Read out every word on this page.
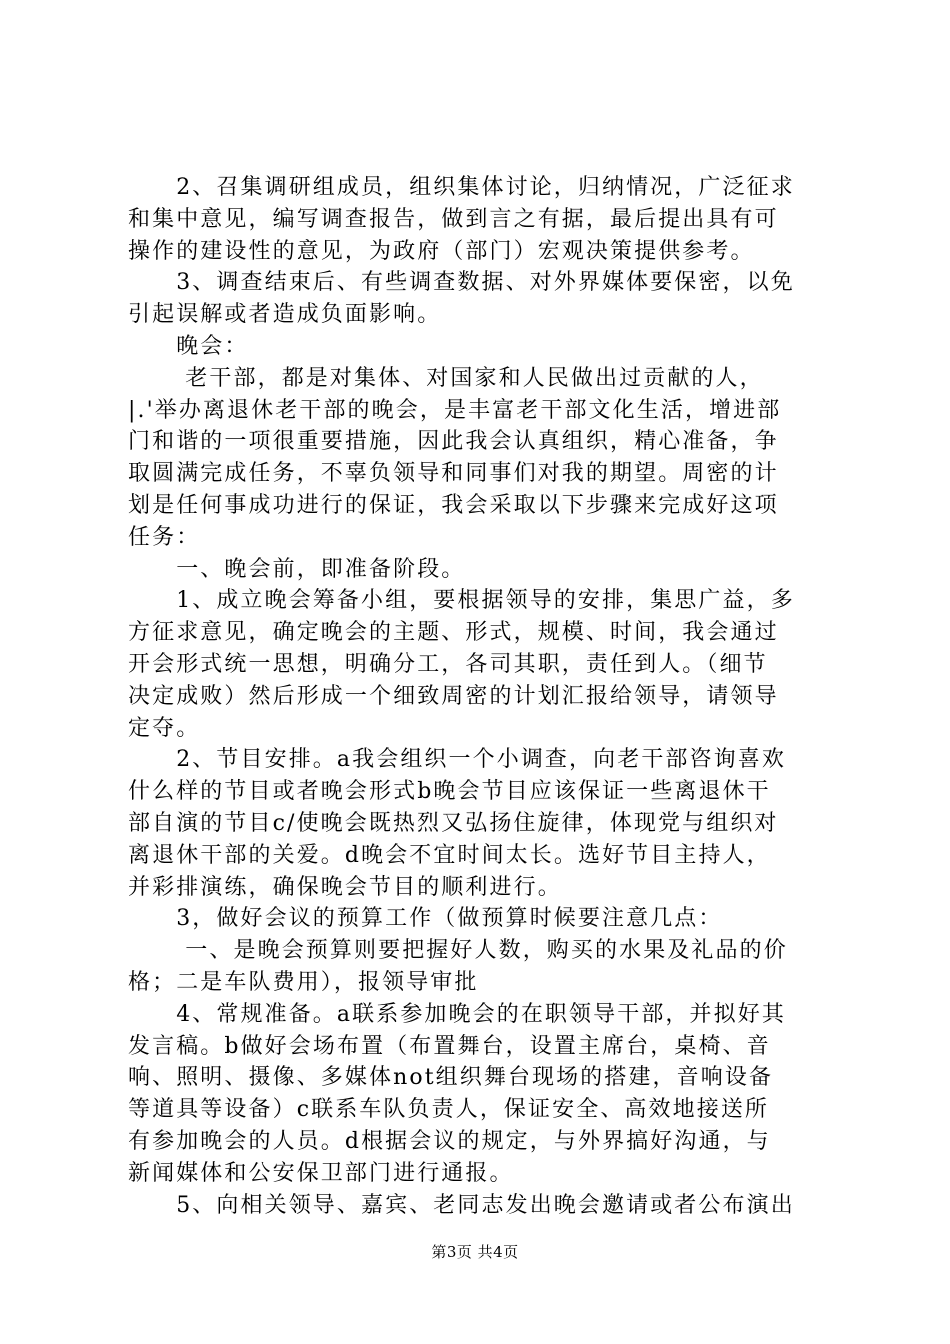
　　2、召集调研组成员，组织集体讨论，归纳情况，广泛征求
和集中意见，编写调查报告，做到言之有据，最后提出具有可
操作的建设性的意见，为政府（部门）宏观决策提供参考。
　　3、调查结束后、有些调查数据、对外界媒体要保密，以免
引起误解或者造成负面影响。
　　晚会：
　　 老干部，都是对集体、对国家和人民做出过贡献的人，
|.'举办离退休老干部的晚会，是丰富老干部文化生活，增进部
门和谐的一项很重要措施，因此我会认真组织，精心准备，争
取圆满完成任务，不辜负领导和同事们对我的期望。周密的计
划是任何事成功进行的保证，我会采取以下步骤来完成好这项
任务：
　　一、晚会前，即准备阶段。
　　1、成立晚会筹备小组，要根据领导的安排，集思广益，多
方征求意见，确定晚会的主题、形式，规模、时间，我会通过
开会形式统一思想，明确分工，各司其职，责任到人。（细节
决定成败）然后形成一个细致周密的计划汇报给领导，请领导
定夺。
　　2、节目安排。a我会组织一个小调查，向老干部咨询喜欢
什么样的节目或者晚会形式b晚会节目应该保证一些离退休干
部自演的节目c/使晚会既热烈又弘扬住旋律，体现党与组织对
离退休干部的关爱。d晚会不宜时间太长。选好节目主持人，
并彩排演练，确保晚会节目的顺利进行。
　　3，做好会议的预算工作（做预算时候要注意几点：
　　 一、是晚会预算则要把握好人数，购买的水果及礼品的价
格；二是车队费用），报领导审批
　　4、常规准备。a联系参加晚会的在职领导干部，并拟好其
发言稿。b做好会场布置（布置舞台，设置主席台，桌椅、音
响、照明、摄像、多媒体not组织舞台现场的搭建，音响设备
等道具等设备）c联系车队负责人，保证安全、高效地接送所
有参加晚会的人员。d根据会议的规定，与外界搞好沟通，与
新闻媒体和公安保卫部门进行通报。
　　5、向相关领导、嘉宾、老同志发出晚会邀请或者公布演出
第3页 共4页
